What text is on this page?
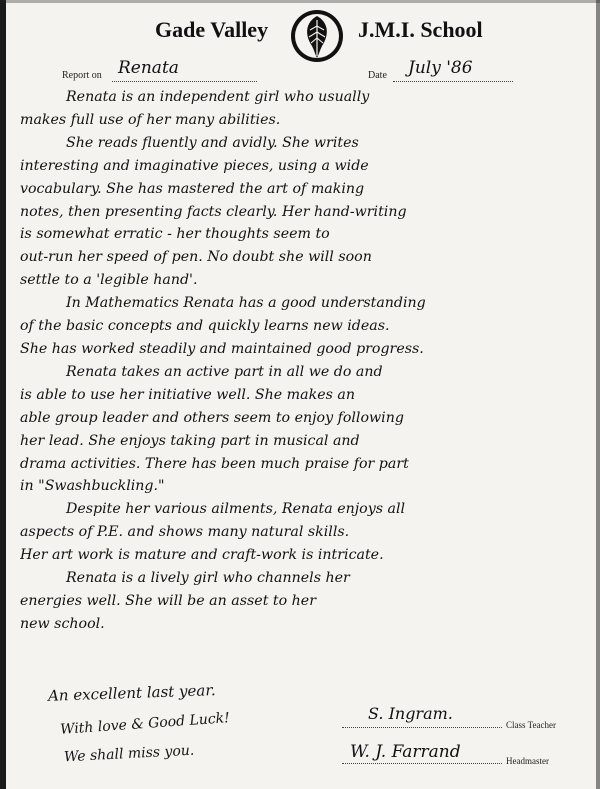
Gade Valley	J.M.I. School
Report on Renata	Date July '86
Renata is an independent girl who usually
makes full use of her many abilities.
She reads fluently and avidly. She writes
interesting and imaginative pieces, using a wide
vocabulary. She has mastered the art of making
notes, then presenting facts clearly. Her hand-writing
is somewhat erratic - her thoughts seem to
out-run her speed of pen. No doubt she will soon
settle to a 'legible hand'.
In Mathematics Renata has a good understanding
of the basic concepts and quickly learns new ideas.
She has worked steadily and maintained good progress.
Renata takes an active part in all we do and
is able to use her initiative well. She makes an
able group leader and others seem to enjoy following
her lead. She enjoys taking part in musical and
drama activities. There has been much praise for part
in "Swashbuckling."
Despite her various ailments, Renata enjoys all
aspects of P.E. and shows many natural skills.
Her art work is mature and craft-work is intricate.
Renata is a lively girl who channels her
energies well. She will be an asset to her
new school.
An excellent last year.
With love & Good Luck!
We shall miss you.
S. Ingram.
Class Teacher
W. J. Farrand	Headmaster
